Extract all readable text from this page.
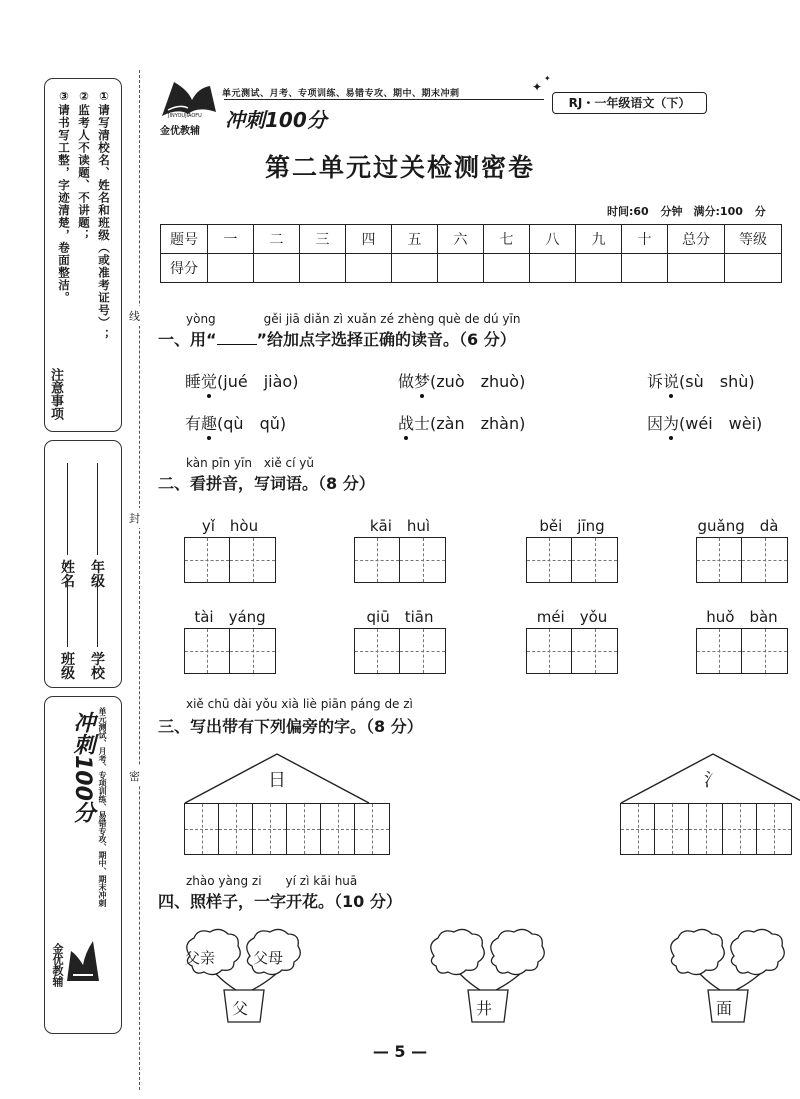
①请写清校名、姓名和班级（或准考证号）；
②监考人不读题、不讲题；
③请书写工整，字迹清楚，卷面整洁。
注意事项
年级
学校
姓名
班级
单元测试、月考、专项训练、易错专攻、期中、期末冲刺
冲刺100分
金优教辅
线
封
密
金优教辅
JINYOUJIAOFU
单元测试、月考、专项训练、易错专攻、期中、期末冲刺
冲刺100分
✦
✦
RJ・一年级语文（下）
第二单元过关检测密卷
时间:60 分钟　满分:100 分
题号	一	二	三	四	五	六	七	八	九	十	总分	等级
得分												
yòng　　　　gěi jiā diǎn zì xuǎn zé zhèng què de dú yīn
一、用“	”给加点字选择正确的读音。（6 分）
睡觉(jué　jiào)	做梦(zuò　zhuò)	诉说(sù　shù)
有趣(qù　qǔ)	战士(zàn　zhàn)	因为(wéi　wèi)
kàn pīn yīn　xiě cí yǔ
二、看拼音，写词语。（8 分）
yǐ　hòu	kāi　huì	běi　jīng	guǎng　dà
tài　yáng	qiū　tiān	méi　yǒu	huǒ　bàn
xiě chū dài yǒu xià liè piān páng de zì
三、写出带有下列偏旁的字。（8 分）
日	氵
zhào yàng zi　　yí zì kāi huā
四、照样子，一字开花。（10 分）
父亲	父母
父	井	面
— 5 —
